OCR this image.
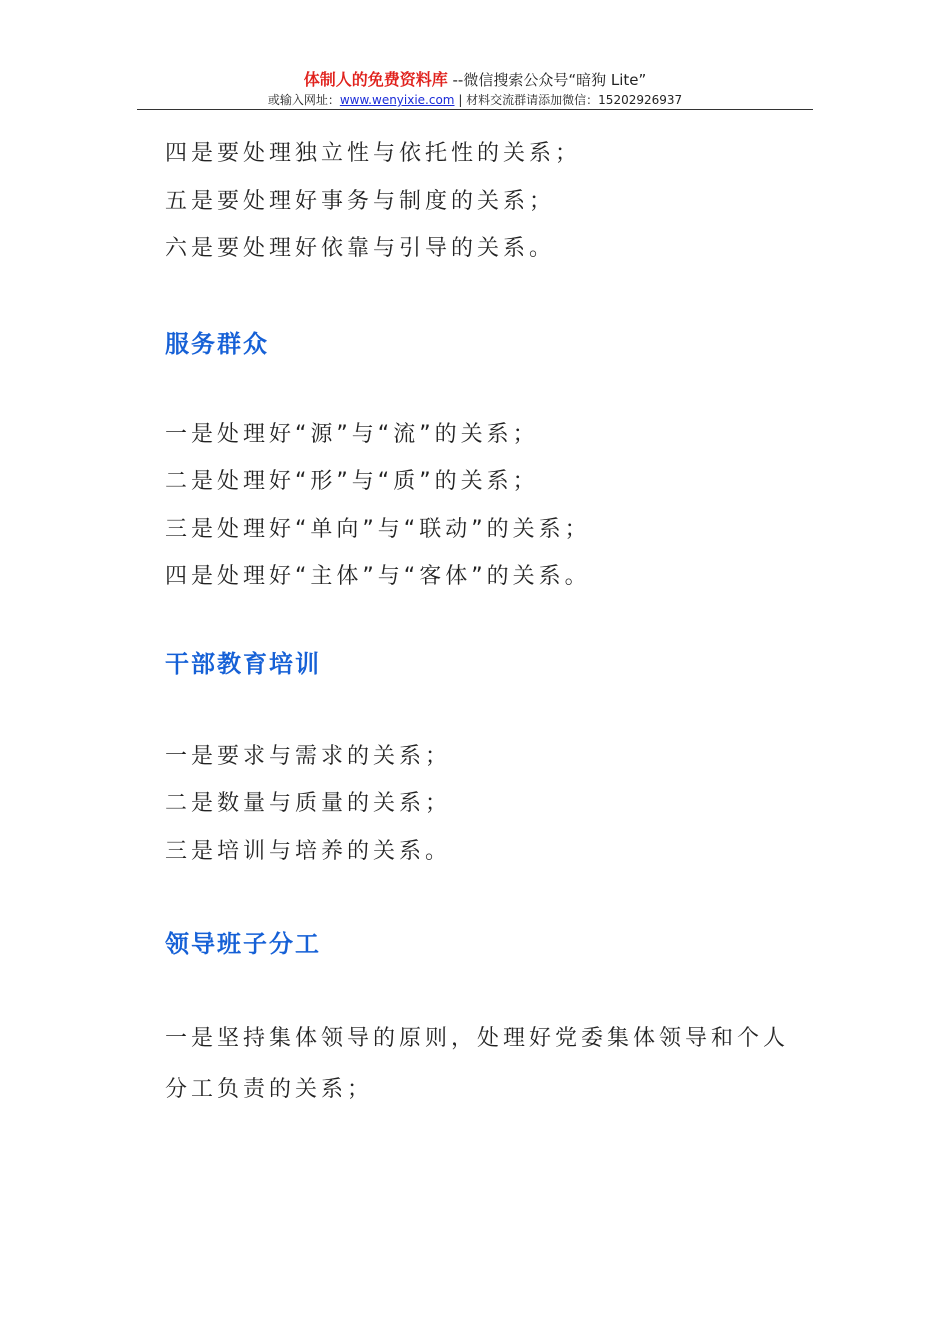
体制人的免费资料库 --微信搜索公众号“暗狗 Lite”
或输入网址：www.wenyixie.com | 材料交流群请添加微信：15202926937

四是要处理独立性与依托性的关系；

五是要处理好事务与制度的关系；

六是要处理好依靠与引导的关系。

服务群众

一是处理好“源”与“流”的关系；

二是处理好“形”与“质”的关系；

三是处理好“单向”与“联动”的关系；

四是处理好“主体”与“客体”的关系。

干部教育培训

一是要求与需求的关系；

二是数量与质量的关系；

三是培训与培养的关系。

领导班子分工

一是坚持集体领导的原则，处理好党委集体领导和个人分工负责的关系；
